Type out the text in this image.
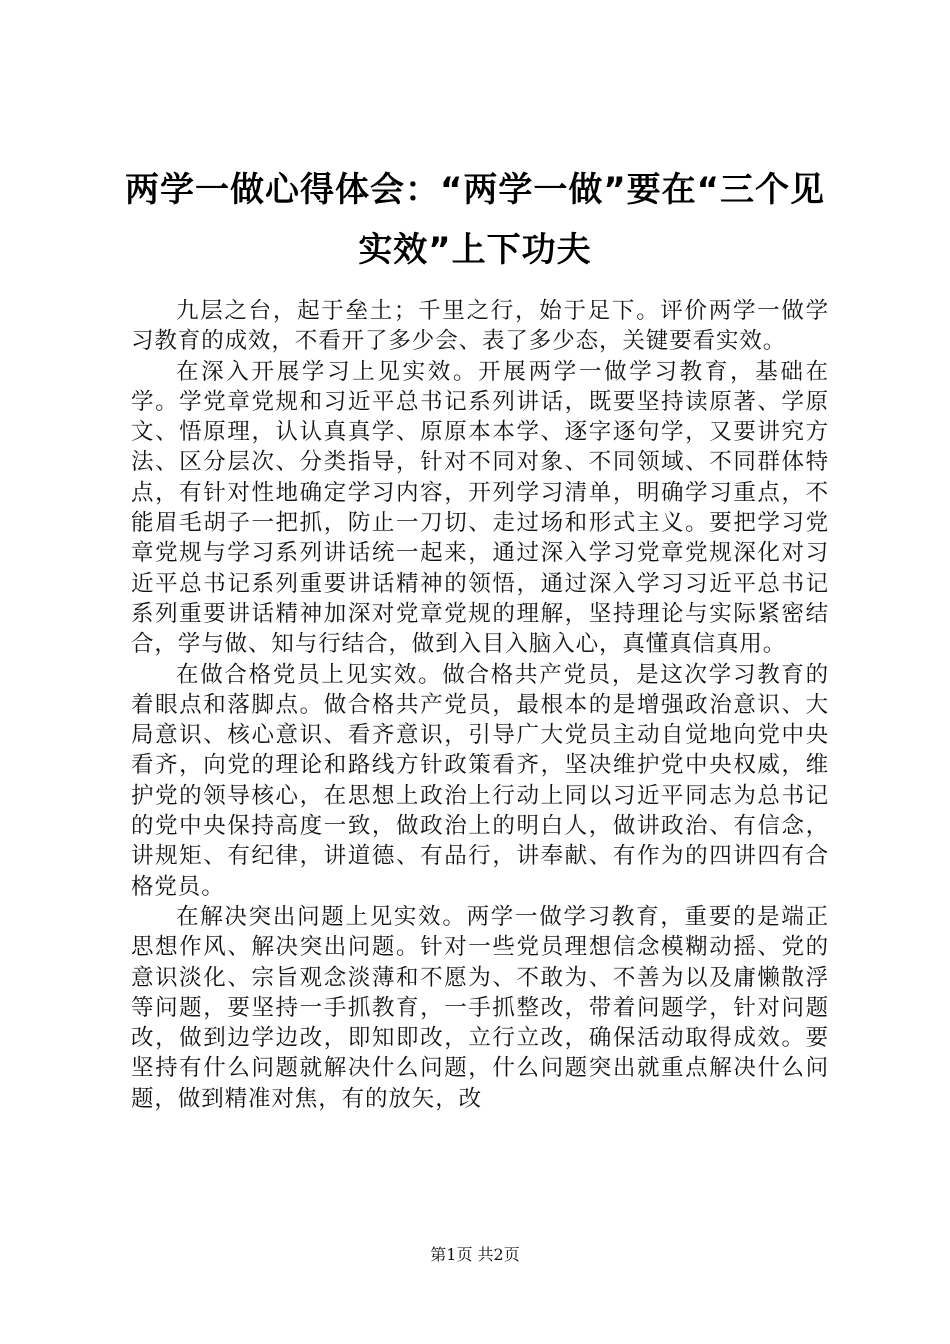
两学一做心得体会：“两学一做”要在“三个见实效”上下功夫

九层之台，起于垒土；千里之行，始于足下。评价两学一做学习教育的成效，不看开了多少会、表了多少态，关键要看实效。

在深入开展学习上见实效。开展两学一做学习教育，基础在学。学党章党规和习近平总书记系列讲话，既要坚持读原著、学原文、悟原理，认认真真学、原原本本学、逐字逐句学，又要讲究方法、区分层次、分类指导，针对不同对象、不同领域、不同群体特点，有针对性地确定学习内容，开列学习清单，明确学习重点，不能眉毛胡子一把抓，防止一刀切、走过场和形式主义。要把学习党章党规与学习系列讲话统一起来，通过深入学习党章党规深化对习近平总书记系列重要讲话精神的领悟，通过深入学习习近平总书记系列重要讲话精神加深对党章党规的理解，坚持理论与实际紧密结合，学与做、知与行结合，做到入目入脑入心，真懂真信真用。

在做合格党员上见实效。做合格共产党员，是这次学习教育的着眼点和落脚点。做合格共产党员，最根本的是增强政治意识、大局意识、核心意识、看齐意识，引导广大党员主动自觉地向党中央看齐，向党的理论和路线方针政策看齐，坚决维护党中央权威，维护党的领导核心，在思想上政治上行动上同以习近平同志为总书记的党中央保持高度一致，做政治上的明白人，做讲政治、有信念，讲规矩、有纪律，讲道德、有品行，讲奉献、有作为的四讲四有合格党员。

在解决突出问题上见实效。两学一做学习教育，重要的是端正思想作风、解决突出问题。针对一些党员理想信念模糊动摇、党的意识淡化、宗旨观念淡薄和不愿为、不敢为、不善为以及庸懒散浮等问题，要坚持一手抓教育，一手抓整改，带着问题学，针对问题改，做到边学边改，即知即改，立行立改，确保活动取得成效。要坚持有什么问题就解决什么问题，什么问题突出就重点解决什么问题，做到精准对焦，有的放矢，改

第1页 共2页
